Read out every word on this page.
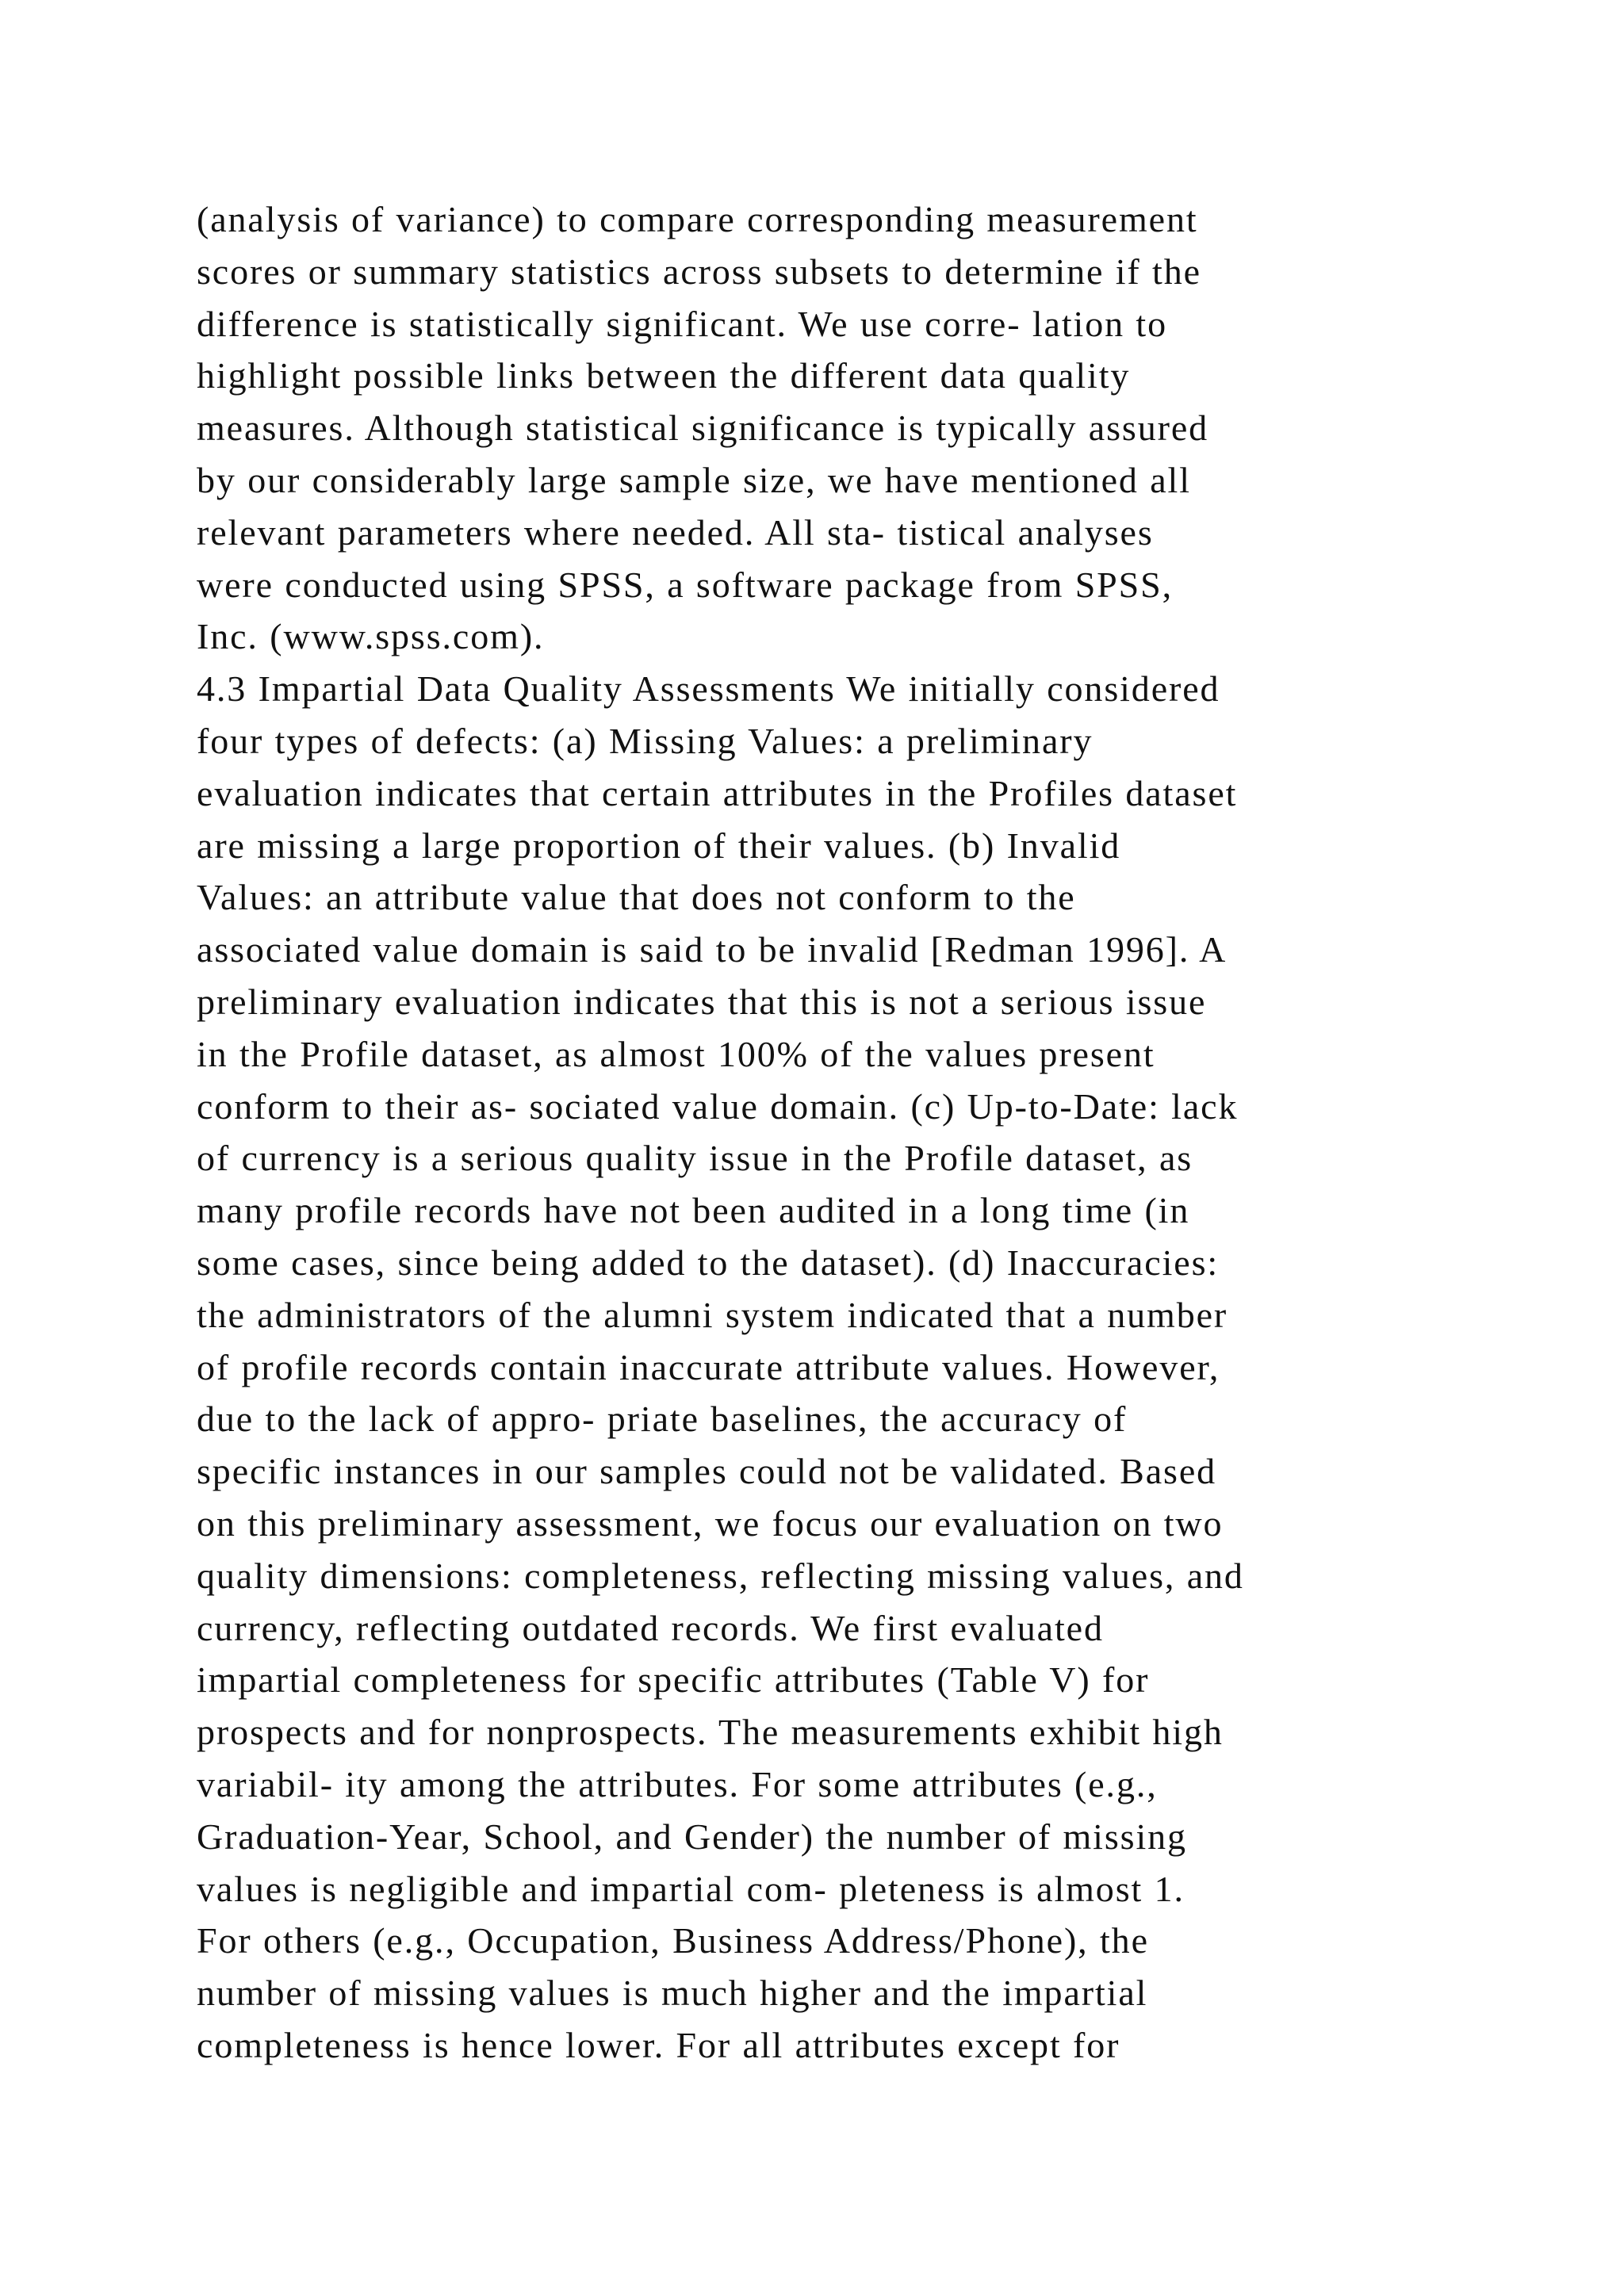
(analysis of variance) to compare corresponding measurement
scores or summary statistics across subsets to determine if the
difference is statistically significant. We use corre- lation to
highlight possible links between the different data quality
measures. Although statistical significance is typically assured
by our considerably large sample size, we have mentioned all
relevant parameters where needed. All sta- tistical analyses
were conducted using SPSS, a software package from SPSS,
Inc. (www.spss.com).
4.3 Impartial Data Quality Assessments We initially considered
four types of defects: (a) Missing Values: a preliminary
evaluation indicates that certain attributes in the Profiles dataset
are missing a large proportion of their values. (b) Invalid
Values: an attribute value that does not conform to the
associated value domain is said to be invalid [Redman 1996]. A
preliminary evaluation indicates that this is not a serious issue
in the Profile dataset, as almost 100% of the values present
conform to their as- sociated value domain. (c) Up-to-Date: lack
of currency is a serious quality issue in the Profile dataset, as
many profile records have not been audited in a long time (in
some cases, since being added to the dataset). (d) Inaccuracies:
the administrators of the alumni system indicated that a number
of profile records contain inaccurate attribute values. However,
due to the lack of appro- priate baselines, the accuracy of
specific instances in our samples could not be validated. Based
on this preliminary assessment, we focus our evaluation on two
quality dimensions: completeness, reflecting missing values, and
currency, reflecting outdated records. We first evaluated
impartial completeness for specific attributes (Table V) for
prospects and for nonprospects. The measurements exhibit high
variabil- ity among the attributes. For some attributes (e.g.,
Graduation-Year, School, and Gender) the number of missing
values is negligible and impartial com- pleteness is almost 1.
For others (e.g., Occupation, Business Address/Phone), the
number of missing values is much higher and the impartial
completeness is hence lower. For all attributes except for
